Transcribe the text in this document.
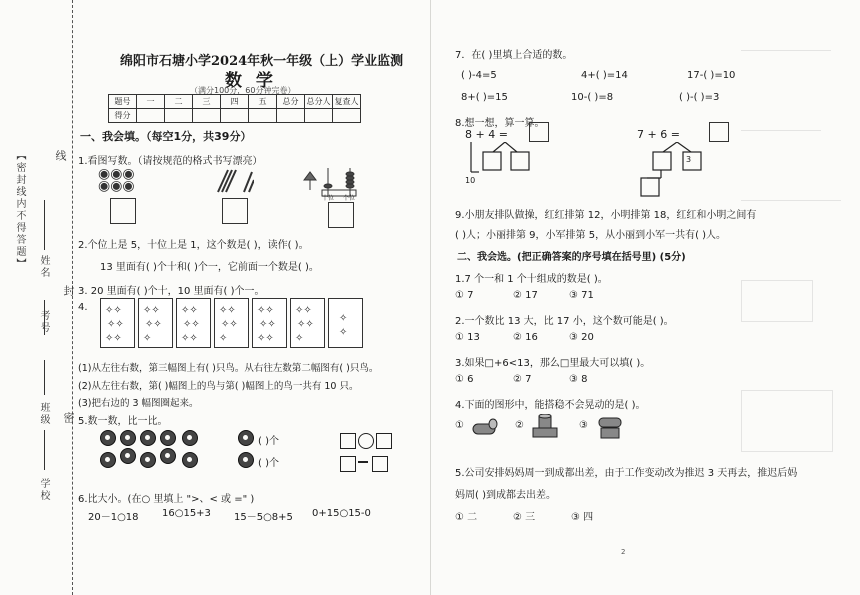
【密封线内不得答题】	线
姓名
封
考号
班级 密
学校
绵阳市石塘小学2024年秋一年级（上）学业监测
数 学
（满分100分，60分钟完卷）
题号	一	二	三	四	五	总分	总分人	复查人
得分								
一、我会填。（每空1分，共39分）
1.看图写数。（请按规范的格式书写漂亮）
◉◉◉
◉◉◉
十位 个位
2.个位上是 5，十位上是 1，这个数是( )，读作( )。
13 里面有( )个十和( )个一，它前面一个数是( )。
3. 20 里面有( )个十，10 里面有( )个一。
4. ✧✧
✧✧
✧✧
✧✧
✧✧
✧
✧✧
✧✧
✧✧
✧✧
✧✧
✧
✧✧
✧✧
✧✧
✧✧
✧✧
✧
✧
✧
(1)从左往右数，第三幅图上有( )只鸟。从右往左数第二幅图有( )只鸟。
(2)从左往右数，第( )幅图上的鸟与第( )幅图上的鸟一共有 10 只。
(3)把右边的 3 幅图圈起来。
5.数一数，比一比。
( )个
( )个
6.比大小。(在○ 里填上 ">、< 或 =" )
20－1○18 16○15+3 15－5○8+5 0+15○15-0
7．在( )里填上合适的数。
( )-4=5	4+( )=14	17-( )=10
8+( )=15	10-( )=8	( )-( )=3
8.想一想，算一算。
8 + 4 =
10
7 + 6 =
3
9.小朋友排队做操，红红排第 12，小明排第 18，红红和小明之间有
( )人；小丽排第 9，小军排第 5，从小丽到小军一共有( )人。
二、我会选。(把正确答案的序号填在括号里) (5分)
1.7 个一和 1 个十组成的数是( )。
① 7	② 17	③ 71
2.一个数比 13 大，比 17 小，这个数可能是( )。
① 13	② 16	③ 20
3.如果□+6<13，那么□里最大可以填( )。
① 6	② 7	③ 8
4.下面的图形中，能搭稳不会晃动的是( )。
①	②	③
5.公司安排妈妈周一到成都出差，由于工作变动改为推迟 3 天再去，推迟后妈
妈周( )到成都去出差。
① 二	② 三	③ 四
2
